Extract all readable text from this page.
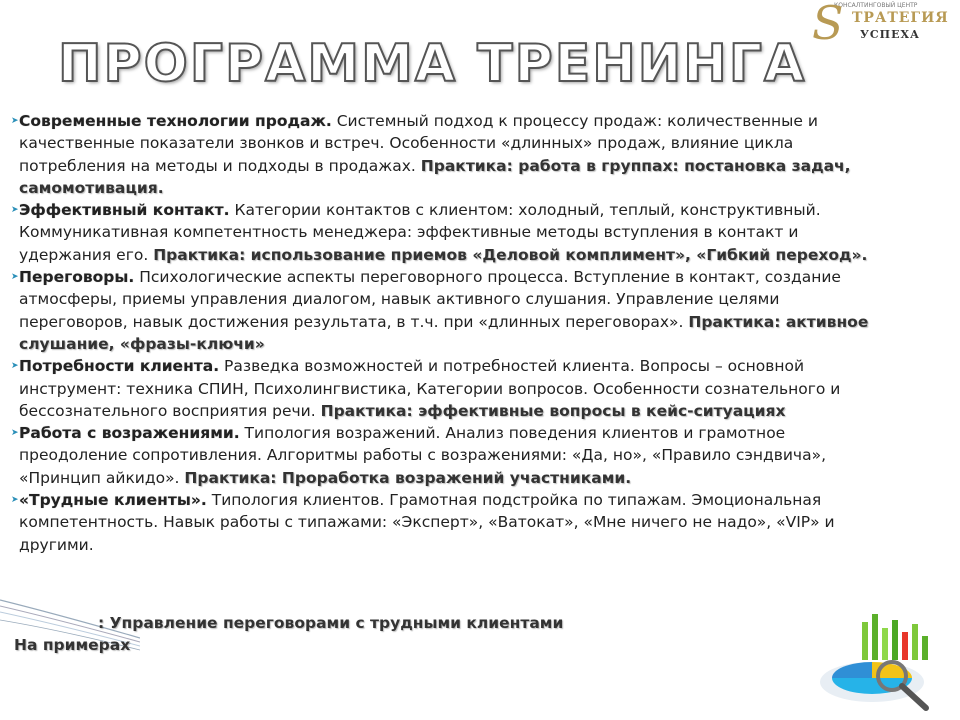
ПРОГРАММА ТРЕНИНГА
КОНСАЛТИНГОВЫЙ ЦЕНТР
S ТРАТЕГИЯ
УСПЕХА
➤ Современные технологии продаж. Системный подход к процессу продаж: количественные и качественные показатели звонков и встреч. Особенности «длинных» продаж, влияние цикла потребления на методы и подходы в продажах. Практика: работа в группах: постановка задач, самомотивация.
➤ Эффективный контакт. Категории контактов с клиентом: холодный, теплый, конструктивный. Коммуникативная компетентность менеджера: эффективные методы вступления в контакт и удержания его. Практика: использование приемов «Деловой комплимент», «Гибкий переход».
➤ Переговоры. Психологические аспекты переговорного процесса. Вступление в контакт, создание атмосферы, приемы управления диалогом, навык активного слушания. Управление целями переговоров, навык достижения результата, в т.ч. при «длинных переговорах». Практика: активное слушание, «фразы-ключи»
➤ Потребности клиента. Разведка возможностей и потребностей клиента. Вопросы – основной инструмент: техника СПИН, Психолингвистика, Категории вопросов. Особенности сознательного и бессознательного восприятия речи. Практика: эффективные вопросы в кейс-ситуациях
➤ Работа с возражениями. Типология возражений. Анализ поведения клиентов и грамотное преодоление сопротивления. Алгоритмы работы с возражениями: «Да, но», «Правило сэндвича», «Принцип айкидо». Практика: Проработка возражений участниками.
➤ «Трудные клиенты». Типология клиентов. Грамотная подстройка по типажам. Эмоциональная компетентность. Навык работы с типажами: «Эксперт», «Ватокат», «Мне ничего не надо», «VIP» и другими.
: Управление переговорами с трудными клиентами
На примерах
